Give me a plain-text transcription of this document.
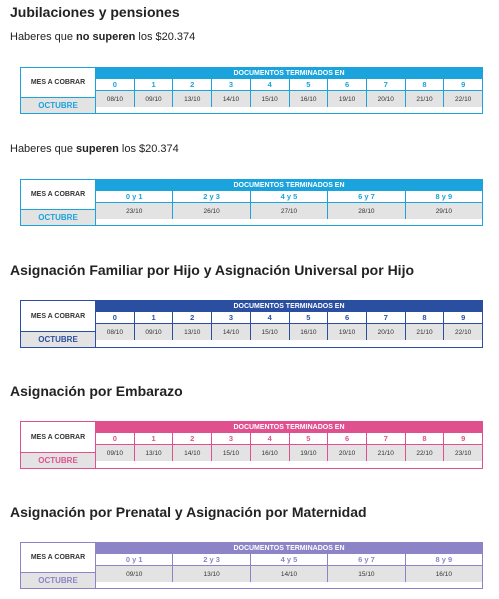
Jubilaciones y pensiones
Haberes que no superen los $20.374
MES A COBRAR
OCTUBRE
DOCUMENTOS TERMINADOS EN
0	1	2	3	4	5	6	7	8	9
08/10	09/10	13/10	14/10	15/10	16/10	19/10	20/10	21/10	22/10
Haberes que superen los $20.374
MES A COBRAR
OCTUBRE
DOCUMENTOS TERMINADOS EN
0 y 1	2 y 3	4 y 5	6 y 7	8 y 9
23/10	26/10	27/10	28/10	29/10
Asignación Familiar por Hijo y Asignación Universal por Hijo
MES A COBRAR
OCTUBRE
DOCUMENTOS TERMINADOS EN
0	1	2	3	4	5	6	7	8	9
08/10	09/10	13/10	14/10	15/10	16/10	19/10	20/10	21/10	22/10
Asignación por Embarazo
MES A COBRAR
OCTUBRE
DOCUMENTOS TERMINADOS EN
0	1	2	3	4	5	6	7	8	9
09/10	13/10	14/10	15/10	16/10	19/10	20/10	21/10	22/10	23/10
Asignación por Prenatal y Asignación por Maternidad
MES A COBRAR
OCTUBRE
DOCUMENTOS TERMINADOS EN
0 y 1	2 y 3	4 y 5	6 y 7	8 y 9
09/10	13/10	14/10	15/10	16/10
